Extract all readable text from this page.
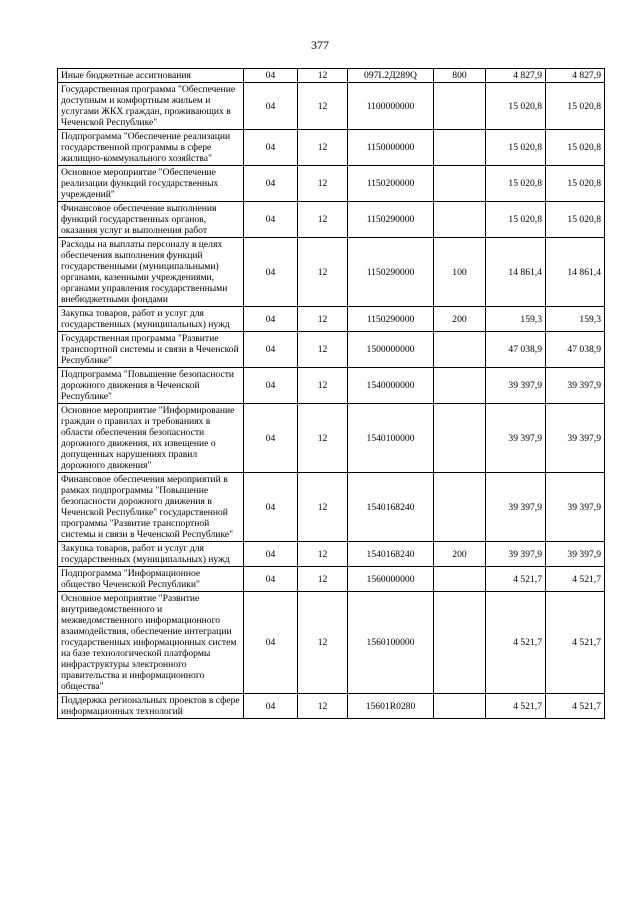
377
Иные бюджетные ассигнования	04	12	097L2Д289Q	800	4 827,9	4 827,9
Государственная программа "Обеспечение доступным и комфортным жильем и услугами ЖКХ граждан, проживающих в Чеченской Республике"	04	12	1100000000		15 020,8	15 020,8
Подпрограмма "Обеспечение реализации государственной программы в сфере жилищно-коммунального хозяйства"	04	12	1150000000		15 020,8	15 020,8
Основное мероприятие "Обеспечение реализации функций государственных учреждений"	04	12	1150200000		15 020,8	15 020,8
Финансовое обеспечение выполнения функций государственных органов, оказания услуг и выполнения работ	04	12	1150290000		15 020,8	15 020,8
Расходы на выплаты персоналу в целях обеспечения выполнения функций государственными (муниципальными) органами, казенными учреждениями, органами управления государственными внебюджетными фондами	04	12	1150290000	100	14 861,4	14 861,4
Закупка товаров, работ и услуг для государственных (муниципальных) нужд	04	12	1150290000	200	159,3	159,3
Государственная программа "Развитие транспортной системы и связи в Чеченской Республике"	04	12	1500000000		47 038,9	47 038,9
Подпрограмма "Повышение безопасности дорожного движения в Чеченской Республике"	04	12	1540000000		39 397,9	39 397,9
Основное мероприятие "Информирование граждан о правилах и требованиях в области обеспечения безопасности дорожного движения, их извещение о допущенных нарушениях правил дорожного движения"	04	12	1540100000		39 397,9	39 397,9
Финансовое обеспечения мероприятий в рамках подпрограммы "Повышение безопасности дорожного движения в Чеченской Республике" государственной программы "Развитие транспортной системы и связи в Чеченской Республике"	04	12	1540168240		39 397,9	39 397,9
Закупка товаров, работ и услуг для государственных (муниципальных) нужд	04	12	1540168240	200	39 397,9	39 397,9
Подпрограмма "Информационное общество Чеченской Республики"	04	12	1560000000		4 521,7	4 521,7
Основное мероприятие "Развитие внутриведомственного и межведомственного информационного взаимодействия, обеспечение интеграции государственных информационных систем на базе технологической платформы инфраструктуры электронного правительства и информационного общества"	04	12	1560100000		4 521,7	4 521,7
Поддержка региональных проектов в сфере информационных технологий	04	12	15601R0280		4 521,7	4 521,7
